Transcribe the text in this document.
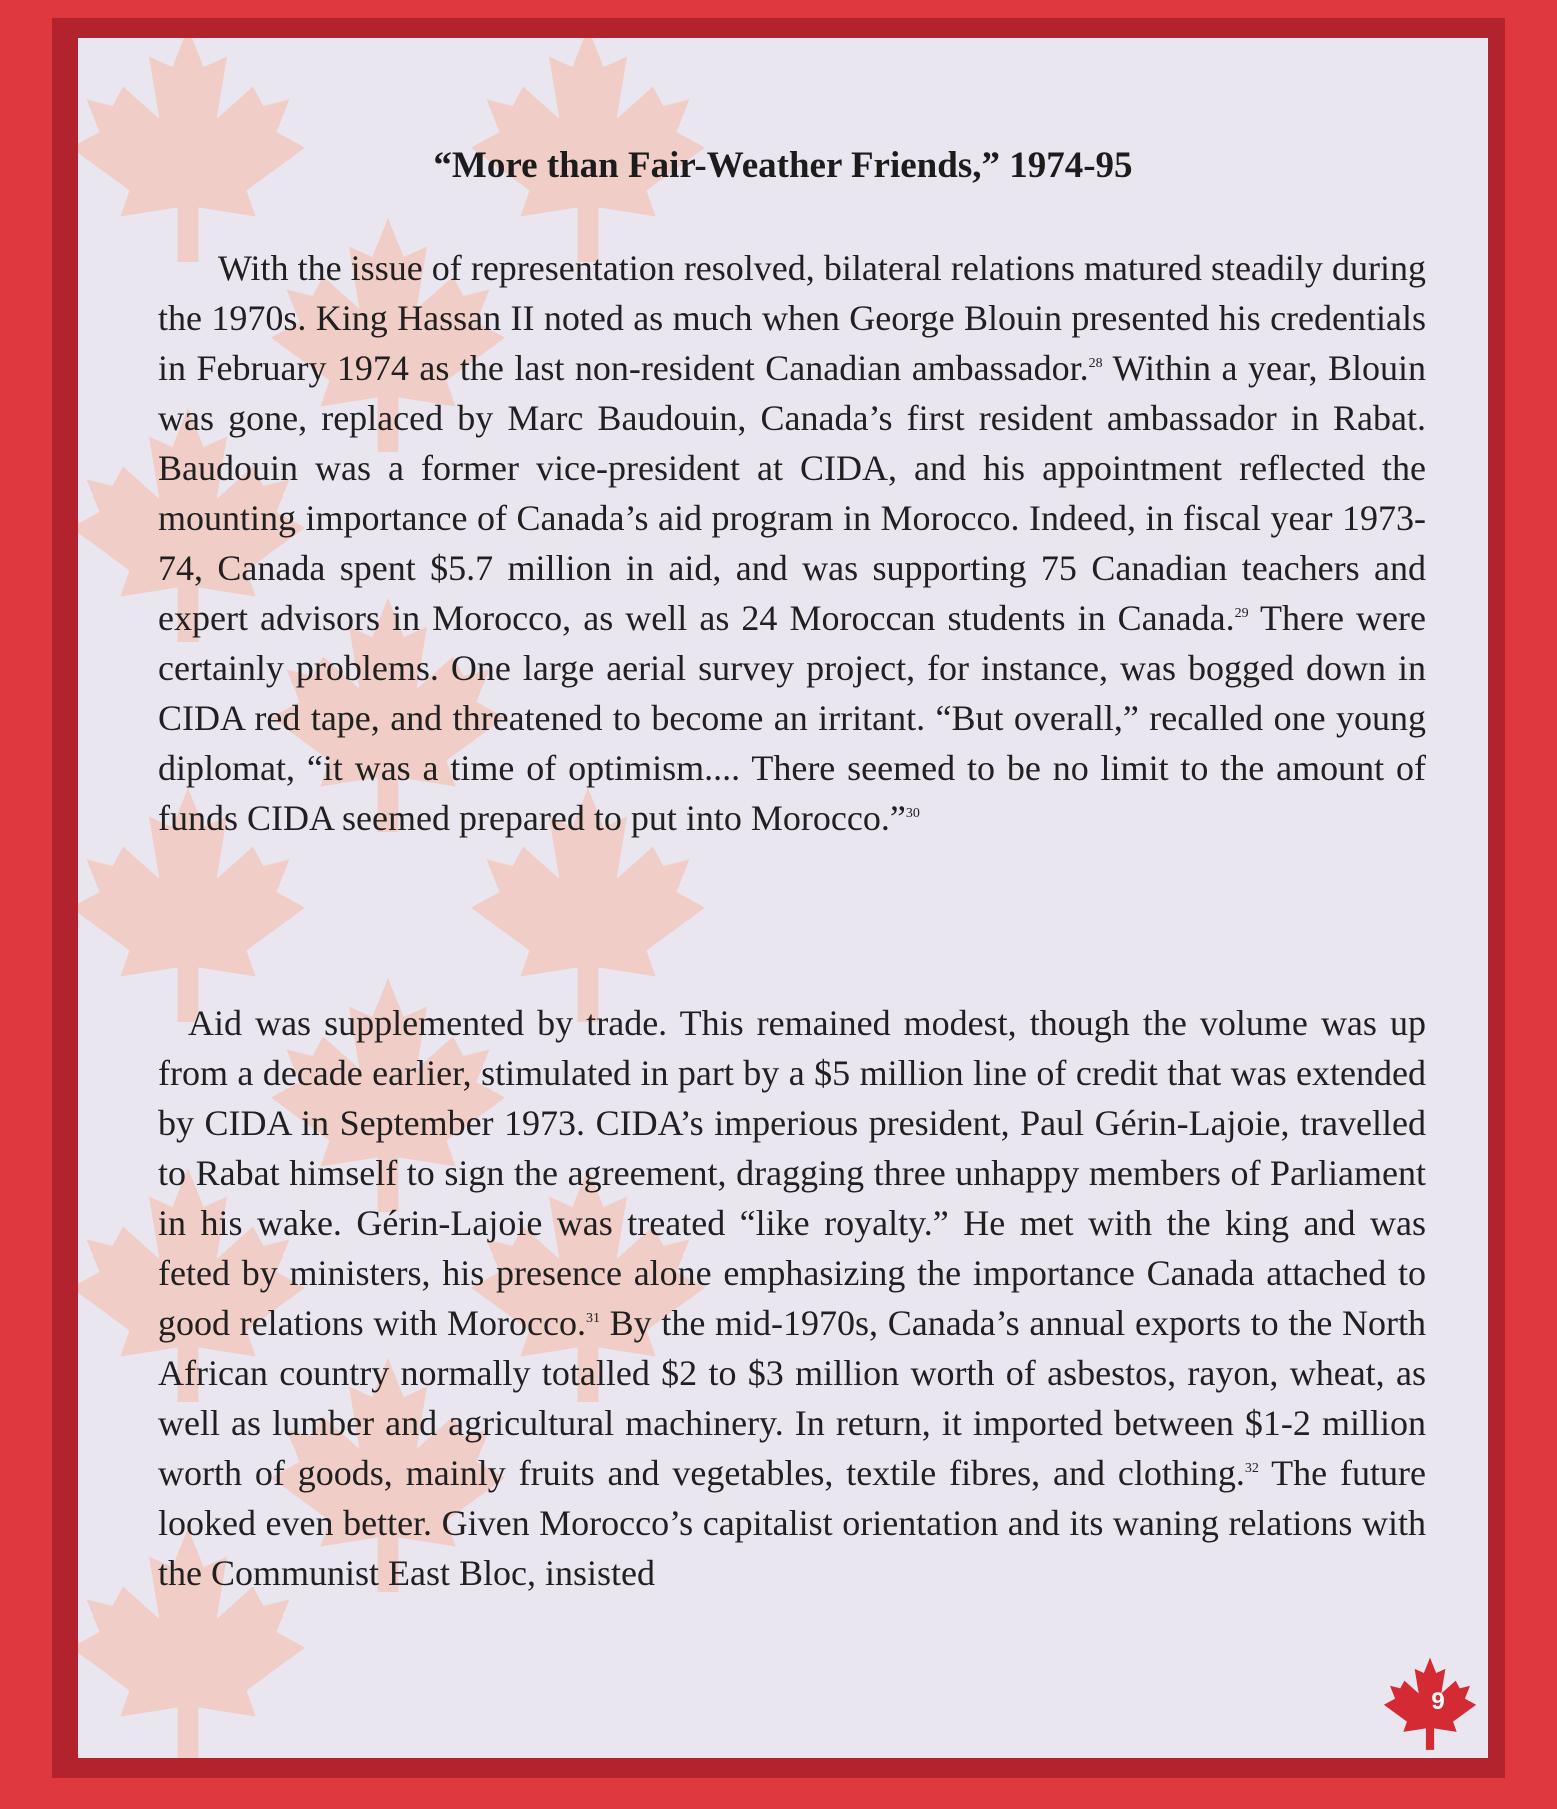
“More than Fair-Weather Friends,” 1974-95
With the issue of representation resolved, bilateral relations matured steadily during the 1970s. King Hassan II noted as much when George Blouin presented his credentials in February 1974 as the last non-resident Canadian ambassador.$^{28}$ Within a year, Blouin was gone, replaced by Marc Baudouin, Canada’s first resident ambassador in Rabat. Baudouin was a former vice-president at CIDA, and his appointment reflected the mounting importance of Canada’s aid program in Morocco. Indeed, in fiscal year 1973-74, Canada spent $5.7 million in aid, and was supporting 75 Canadian teachers and expert advisors in Morocco, as well as 24 Moroccan students in Canada.$^{29}$ There were certainly problems. One large aerial survey project, for instance, was bogged down in CIDA red tape, and threatened to become an irritant. “But overall,” recalled one young diplomat, “it was a time of optimism.... There seemed to be no limit to the amount of funds CIDA seemed prepared to put into Morocco.”$^{30}$
Aid was supplemented by trade. This remained modest, though the volume was up from a decade earlier, stimulated in part by a $5 million line of credit that was extended by CIDA in September 1973. CIDA’s imperious president, Paul Gérin-Lajoie, travelled to Rabat himself to sign the agreement, dragging three unhappy members of Parliament in his wake. Gérin-Lajoie was treated “like royalty.” He met with the king and was feted by ministers, his presence alone emphasizing the importance Canada attached to good relations with Morocco.$^{31}$ By the mid-1970s, Canada’s annual exports to the North African country normally totalled $2 to $3 million worth of asbestos, rayon, wheat, as well as lumber and agricultural machinery. In return, it imported between $1-2 million worth of goods, mainly fruits and vegetables, textile fibres, and clothing.$^{32}$ The future looked even better. Given Morocco’s capitalist orientation and its waning relations with the Communist East Bloc, insisted
9
